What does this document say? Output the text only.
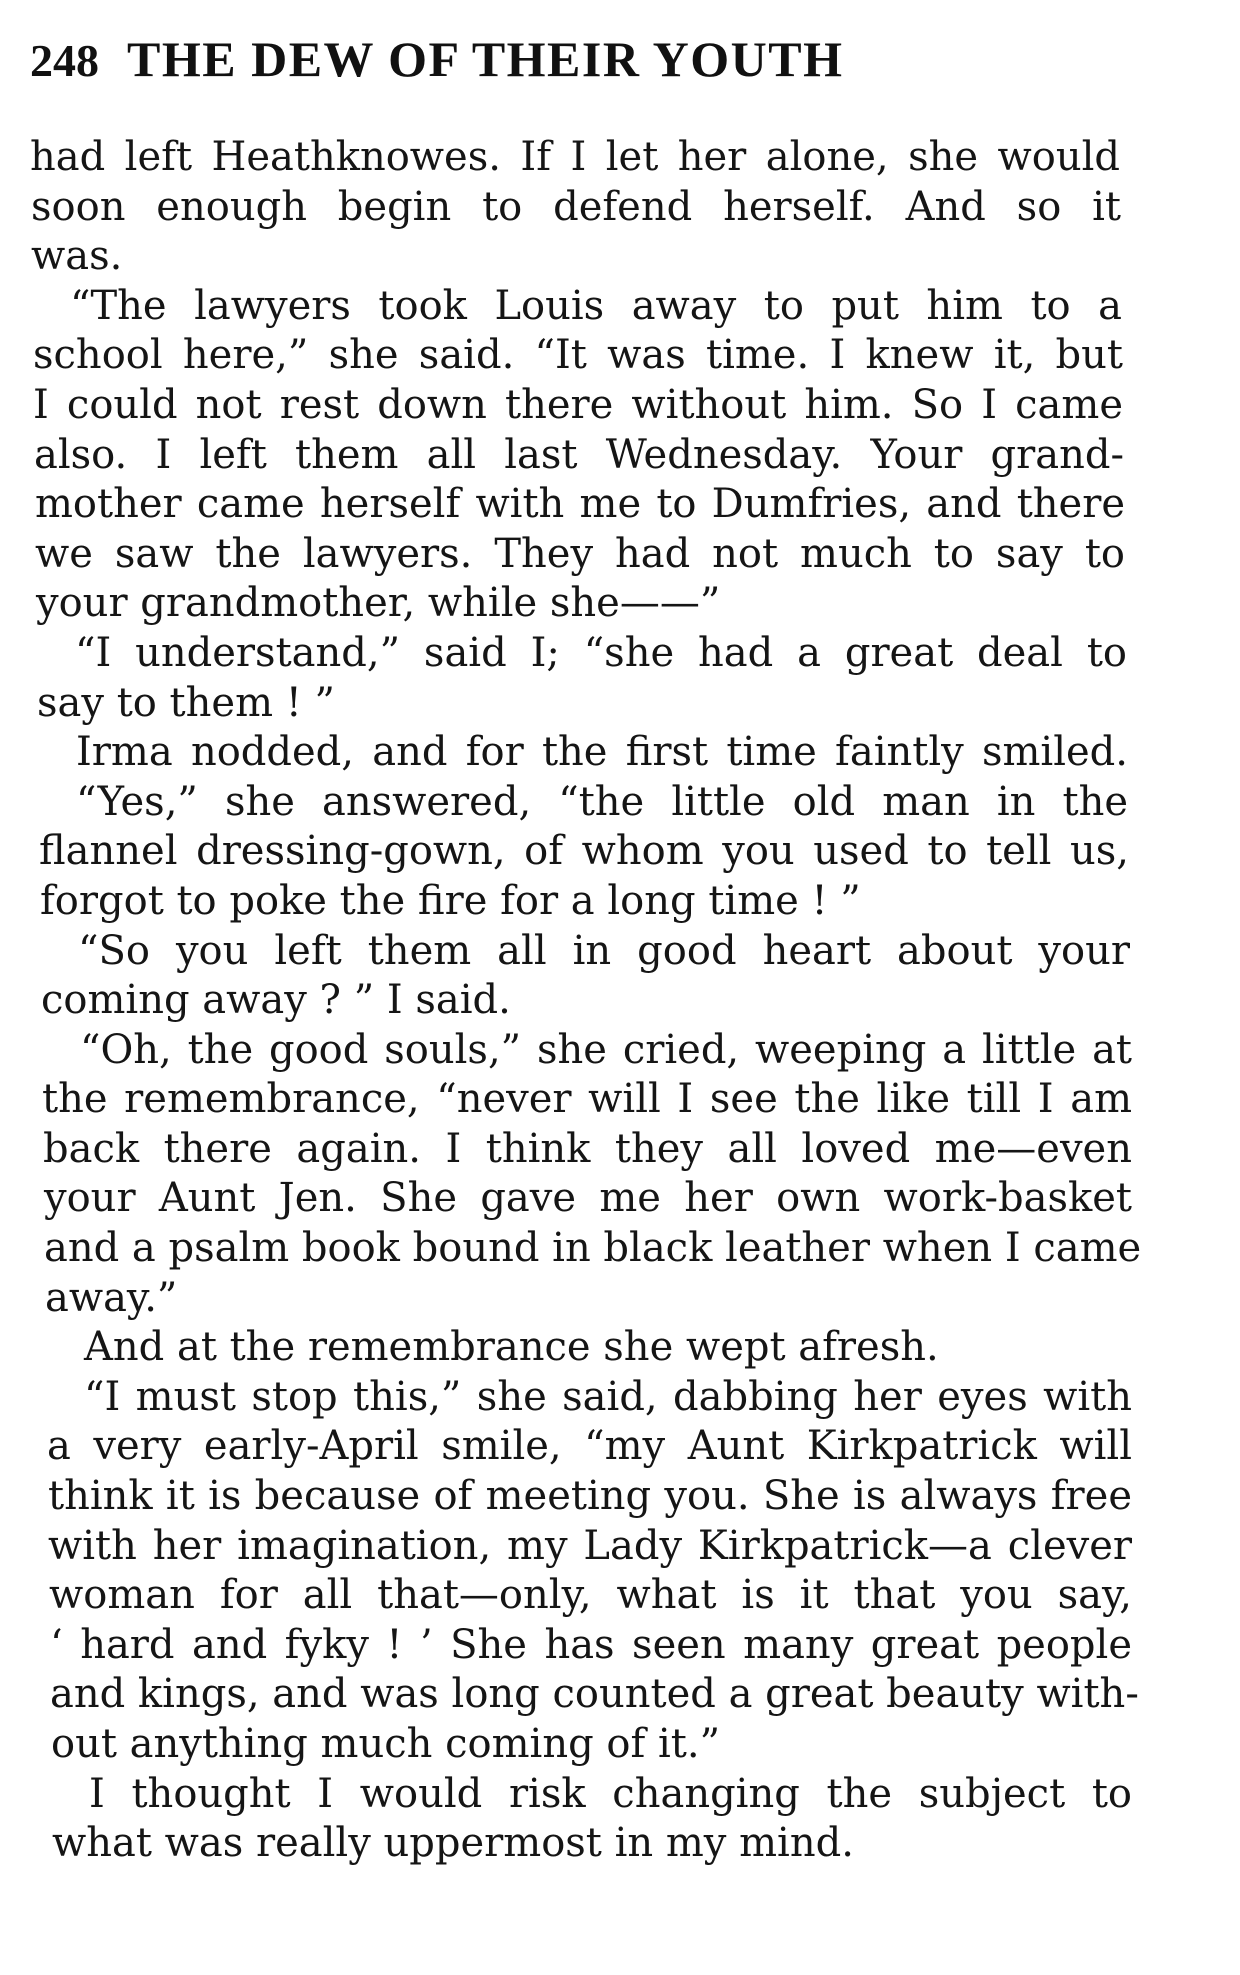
248 THE DEW OF THEIR YOUTH
had left Heathknowes. If I let her alone, she would
soon enough begin to defend herself. And so it
was.
“The lawyers took Louis away to put him to a
school here,” she said. “It was time. I knew it, but
I could not rest down there without him. So I came
also. I left them all last Wednesday. Your grand-
mother came herself with me to Dumfries, and there
we saw the lawyers. They had not much to say to
your grandmother, while she——”
“I understand,” said I; “she had a great deal to
say to them ! ”
Irma nodded, and for the first time faintly smiled.
“Yes,” she answered, “the little old man in the
flannel dressing-gown, of whom you used to tell us,
forgot to poke the fire for a long time ! ”
“So you left them all in good heart about your
coming away ? ” I said.
“Oh, the good souls,” she cried, weeping a little at
the remembrance, “never will I see the like till I am
back there again. I think they all loved me—even
your Aunt Jen. She gave me her own work-basket
and a psalm book bound in black leather when I came
away.”
And at the remembrance she wept afresh.
“I must stop this,” she said, dabbing her eyes with
a very early-April smile, “my Aunt Kirkpatrick will
think it is because of meeting you. She is always free
with her imagination, my Lady Kirkpatrick—a clever
woman for all that—only, what is it that you say,
‘ hard and fyky ! ’ She has seen many great people
and kings, and was long counted a great beauty with-
out anything much coming of it.”
I thought I would risk changing the subject to
what was really uppermost in my mind.
